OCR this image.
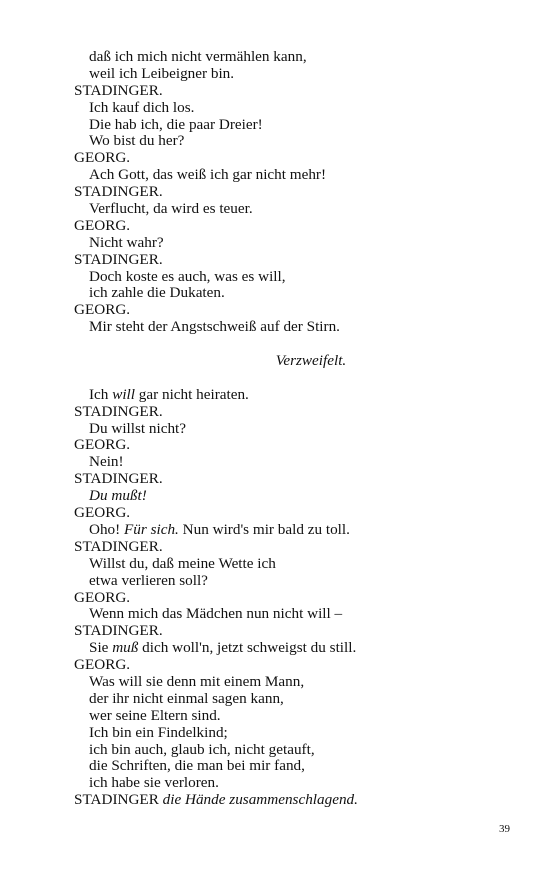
daß ich mich nicht vermählen kann,
weil ich Leibeigner bin.
STADINGER.
Ich kauf dich los.
Die hab ich, die paar Dreier!
Wo bist du her?
GEORG.
Ach Gott, das weiß ich gar nicht mehr!
STADINGER.
Verflucht, da wird es teuer.
GEORG.
Nicht wahr?
STADINGER.
Doch koste es auch, was es will,
ich zahle die Dukaten.
GEORG.
Mir steht der Angstschweiß auf der Stirn.
Verzweifelt.
Ich will gar nicht heiraten.
STADINGER.
Du willst nicht?
GEORG.
Nein!
STADINGER.
Du mußt!
GEORG.
Oho! Für sich. Nun wird's mir bald zu toll.
STADINGER.
Willst du, daß meine Wette ich
etwa verlieren soll?
GEORG.
Wenn mich das Mädchen nun nicht will –
STADINGER.
Sie muß dich woll'n, jetzt schweigst du still.
GEORG.
Was will sie denn mit einem Mann,
der ihr nicht einmal sagen kann,
wer seine Eltern sind.
Ich bin ein Findelkind;
ich bin auch, glaub ich, nicht getauft,
die Schriften, die man bei mir fand,
ich habe sie verloren.
STADINGER die Hände zusammenschlagend.
39
